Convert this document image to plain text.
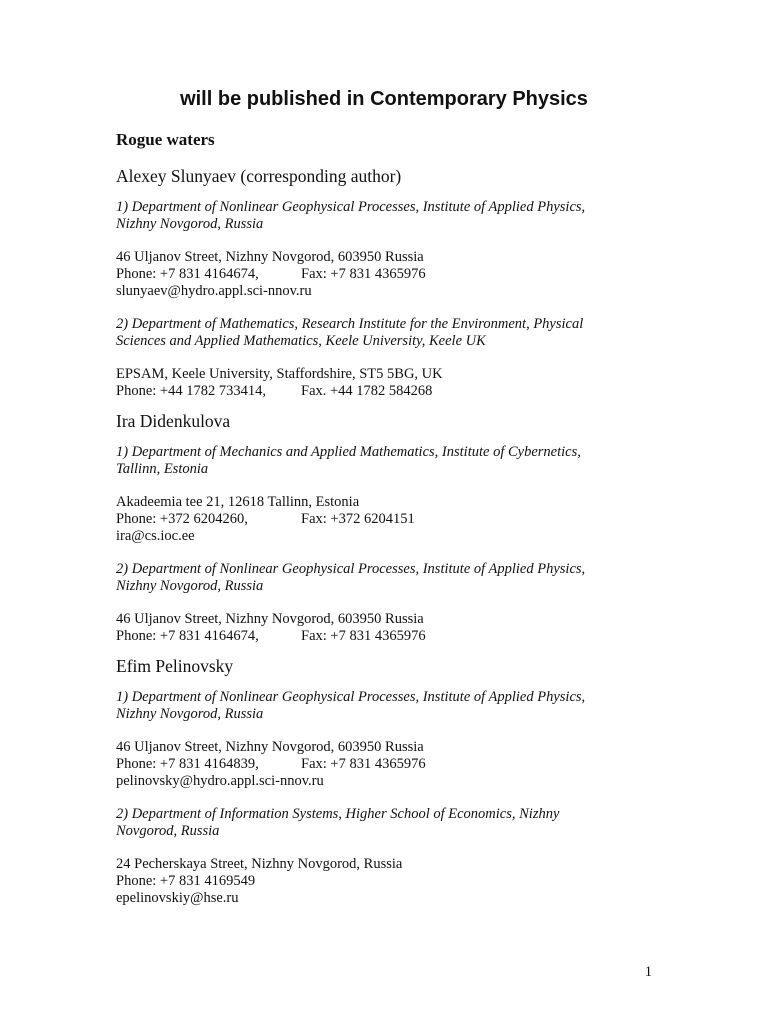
will be published in Contemporary Physics
Rogue waters
Alexey Slunyaev (corresponding author)
1) Department of Nonlinear Geophysical Processes, Institute of Applied Physics,
Nizhny Novgorod, Russia
46 Uljanov Street, Nizhny Novgorod, 603950 Russia
Phone: +7 831 4164674,	Fax: +7 831 4365976
slunyaev@hydro.appl.sci-nnov.ru
2) Department of Mathematics, Research Institute for the Environment, Physical
Sciences and Applied Mathematics, Keele University, Keele UK
EPSAM, Keele University, Staffordshire, ST5 5BG, UK
Phone: +44 1782 733414,	Fax. +44 1782 584268
Ira Didenkulova
1) Department of Mechanics and Applied Mathematics, Institute of Cybernetics,
Tallinn, Estonia
Akadeemia tee 21, 12618 Tallinn, Estonia
Phone: +372 6204260,	Fax: +372 6204151
ira@cs.ioc.ee
2) Department of Nonlinear Geophysical Processes, Institute of Applied Physics,
Nizhny Novgorod, Russia
46 Uljanov Street, Nizhny Novgorod, 603950 Russia
Phone: +7 831 4164674,	Fax: +7 831 4365976
Efim Pelinovsky
1) Department of Nonlinear Geophysical Processes, Institute of Applied Physics,
Nizhny Novgorod, Russia
46 Uljanov Street, Nizhny Novgorod, 603950 Russia
Phone: +7 831 4164839,	Fax: +7 831 4365976
pelinovsky@hydro.appl.sci-nnov.ru
2) Department of Information Systems, Higher School of Economics, Nizhny
Novgorod, Russia
24 Pecherskaya Street, Nizhny Novgorod, Russia
Phone: +7 831 4169549
epelinovskiy@hse.ru
1
